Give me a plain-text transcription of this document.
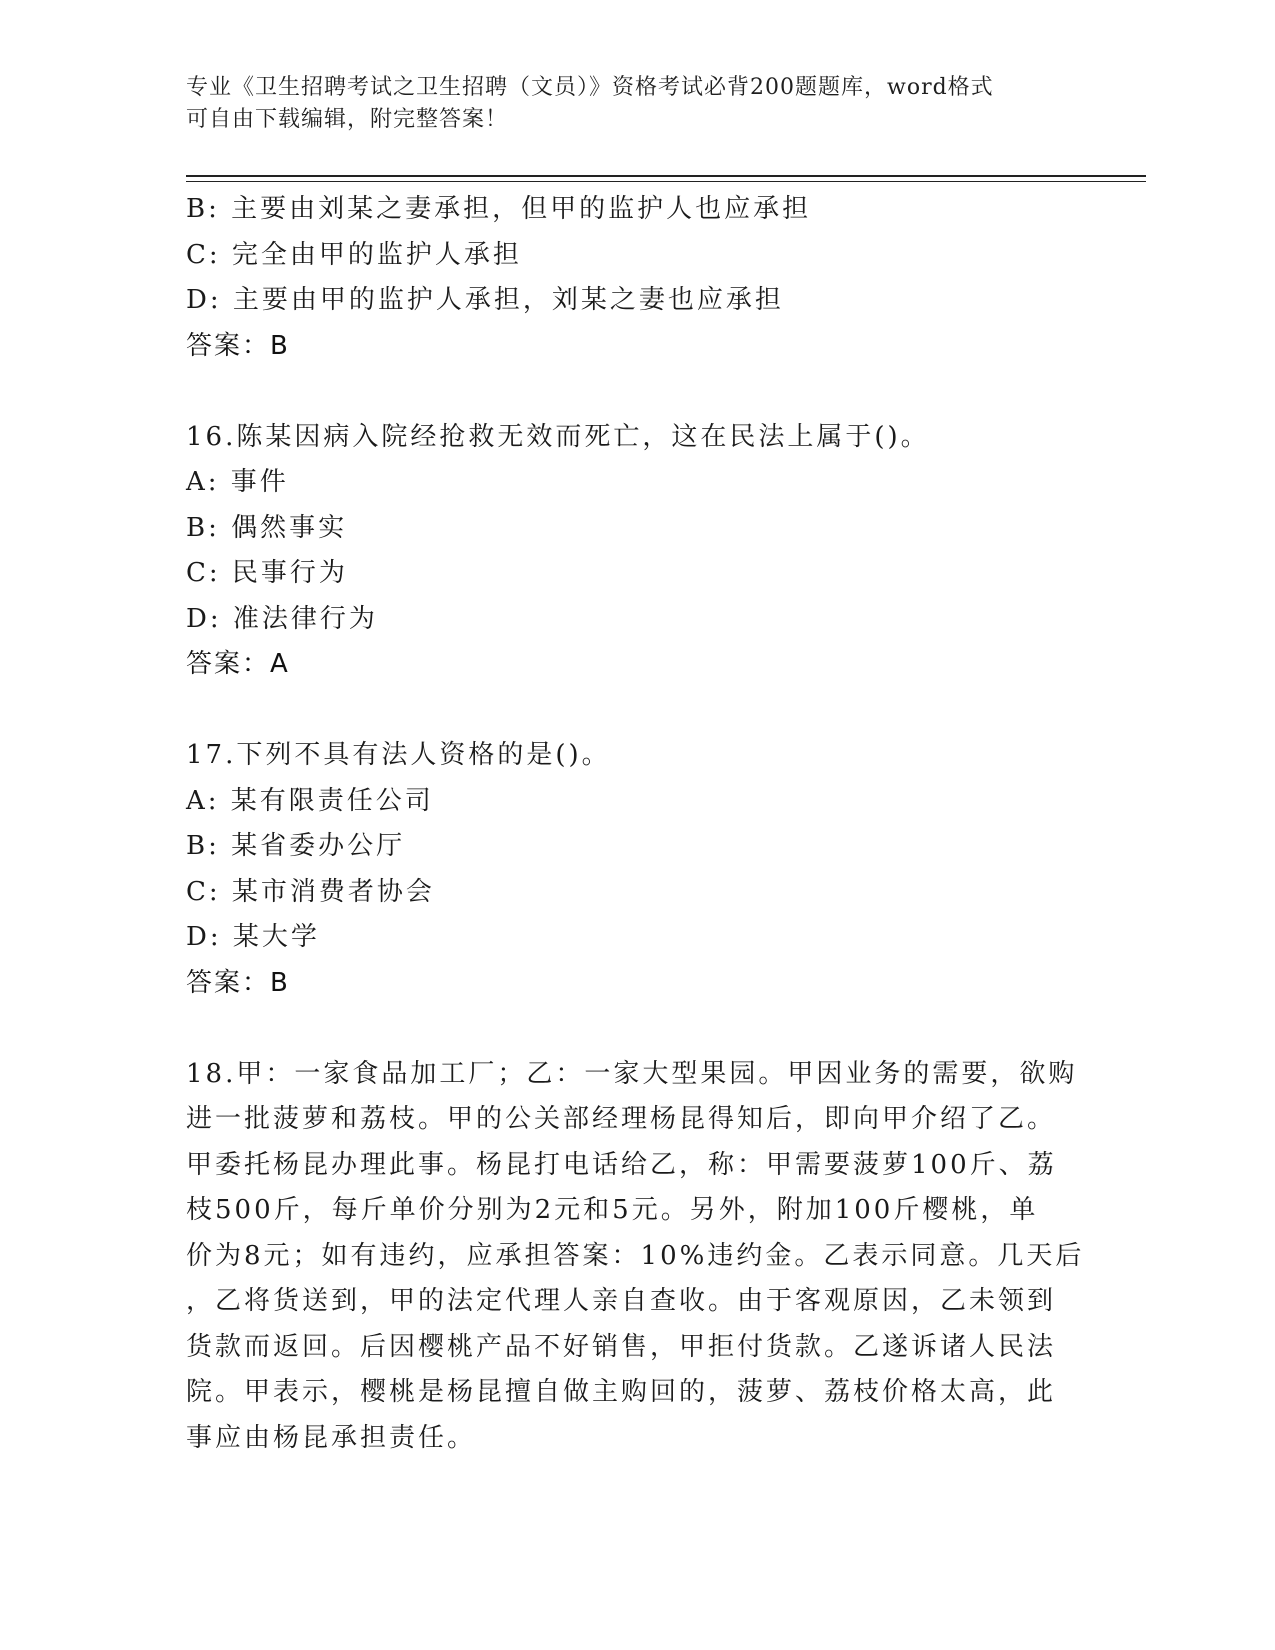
专业《卫生招聘考试之卫生招聘（文员）》资格考试必背200题题库，word格式
可自由下载编辑，附完整答案！
B: 主要由刘某之妻承担，但甲的监护人也应承担
C: 完全由甲的监护人承担
D: 主要由甲的监护人承担，刘某之妻也应承担
答案：B
16.陈某因病入院经抢救无效而死亡，这在民法上属于()。
A: 事件
B: 偶然事实
C: 民事行为
D: 准法律行为
答案：A
17.下列不具有法人资格的是()。
A: 某有限责任公司
B: 某省委办公厅
C: 某市消费者协会
D: 某大学
答案：B
18.甲：一家食品加工厂；乙：一家大型果园。甲因业务的需要，欲购
进一批菠萝和荔枝。甲的公关部经理杨昆得知后，即向甲介绍了乙。
甲委托杨昆办理此事。杨昆打电话给乙，称：甲需要菠萝100斤、荔
枝500斤，每斤单价分别为2元和5元。另外，附加100斤樱桃，单
价为8元；如有违约，应承担答案：10%违约金。乙表示同意。几天后
，乙将货送到，甲的法定代理人亲自查收。由于客观原因，乙未领到
货款而返回。后因樱桃产品不好销售，甲拒付货款。乙遂诉诸人民法
院。甲表示，樱桃是杨昆擅自做主购回的，菠萝、荔枝价格太高，此
事应由杨昆承担责任。
